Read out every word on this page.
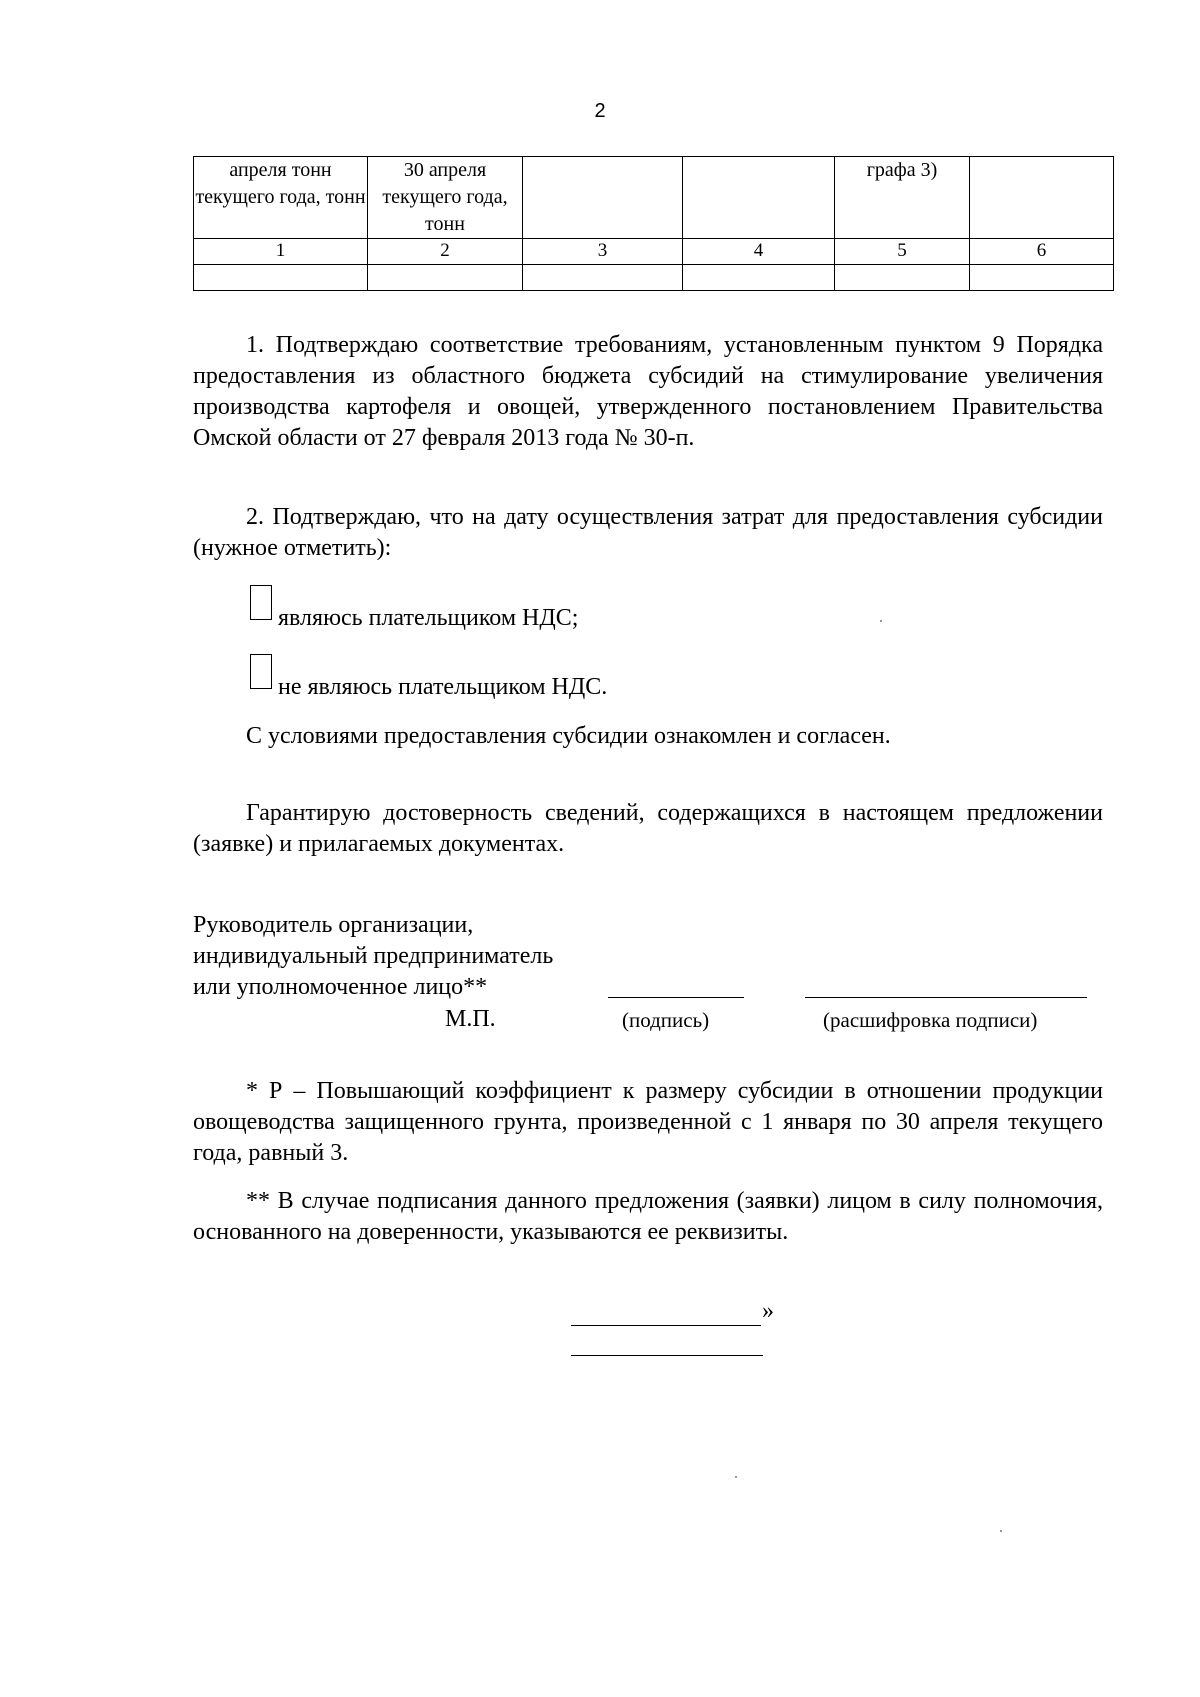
2
апреля тонн текущего года, тонн	30 апреля текущего года, тонн			графа 3)	
1	2	3	4	5	6

1. Подтверждаю соответствие требованиям, установленным пунктом 9 Порядка предоставления из областного бюджета субсидий на стимулирование увеличения производства картофеля и овощей, утвержденного постановлением Правительства Омской области от 27 февраля 2013 года № 30-п.

2. Подтверждаю, что на дату осуществления затрат для предоставления субсидии (нужное отметить):

являюсь плательщиком НДС;
не являюсь плательщиком НДС.
С условиями предоставления субсидии ознакомлен и согласен.

Гарантирую достоверность сведений, содержащихся в настоящем предложении (заявке) и прилагаемых документах.

Руководитель организации,
индивидуальный предприниматель
или уполномоченное лицо**
М.П.	(подпись)	(расшифровка подписи)

* Р – Повышающий коэффициент к размеру субсидии в отношении продукции овощеводства защищенного грунта, произведенной с 1 января по 30 апреля текущего года, равный 3.

** В случае подписания данного предложения (заявки) лицом в силу полномочия, основанного на доверенности, указываются ее реквизиты.

»
